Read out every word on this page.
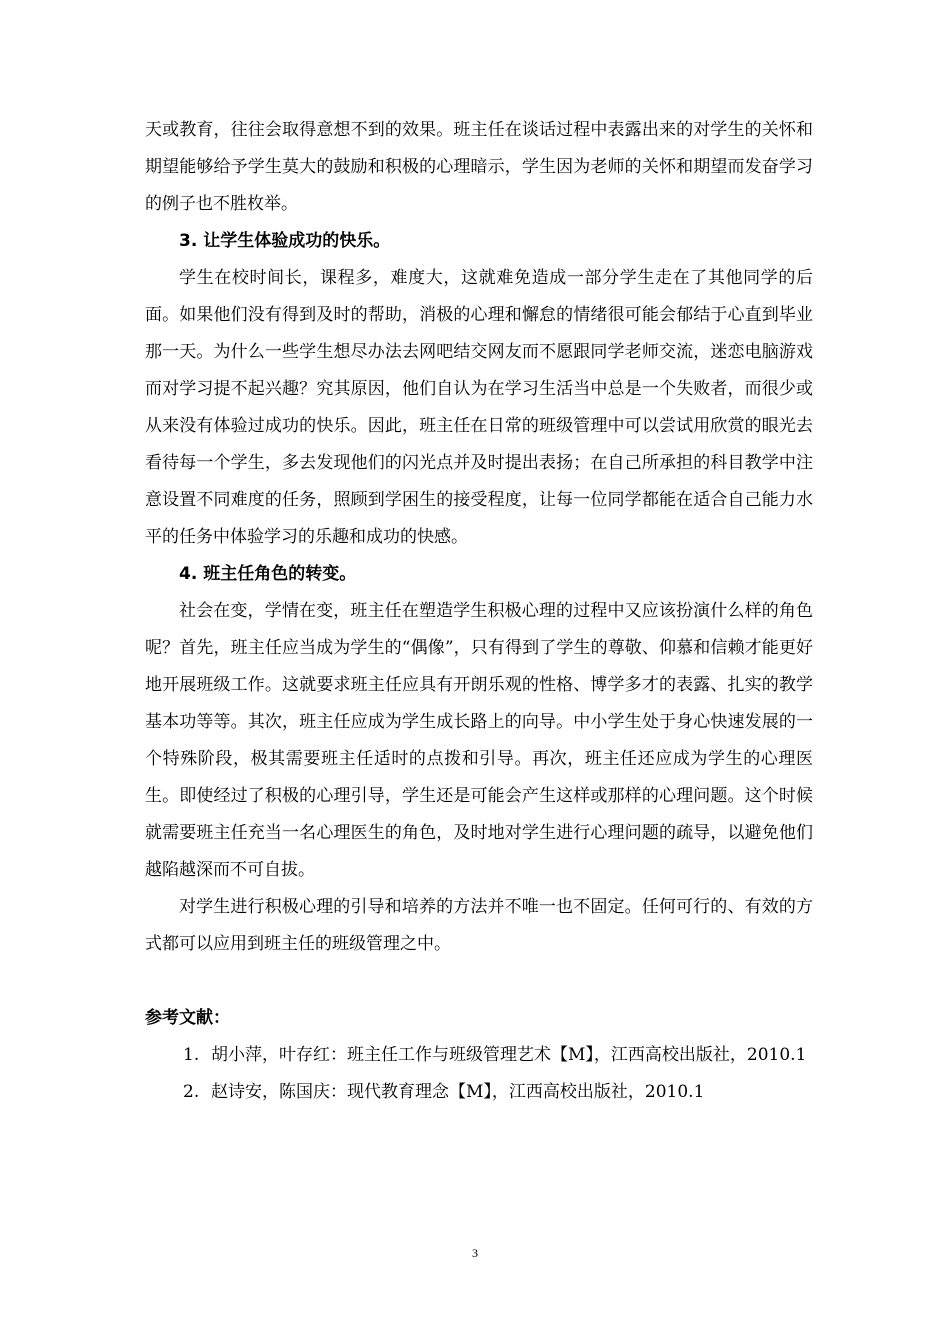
天或教育，往往会取得意想不到的效果。班主任在谈话过程中表露出来的对学生的关怀和期望能够给予学生莫大的鼓励和积极的心理暗示，学生因为老师的关怀和期望而发奋学习的例子也不胜枚举。

3. 让学生体验成功的快乐。

学生在校时间长，课程多，难度大，这就难免造成一部分学生走在了其他同学的后面。如果他们没有得到及时的帮助，消极的心理和懈怠的情绪很可能会郁结于心直到毕业那一天。为什么一些学生想尽办法去网吧结交网友而不愿跟同学老师交流，迷恋电脑游戏而对学习提不起兴趣？究其原因，他们自认为在学习生活当中总是一个失败者，而很少或从来没有体验过成功的快乐。因此，班主任在日常的班级管理中可以尝试用欣赏的眼光去看待每一个学生，多去发现他们的闪光点并及时提出表扬；在自己所承担的科目教学中注意设置不同难度的任务，照顾到学困生的接受程度，让每一位同学都能在适合自己能力水平的任务中体验学习的乐趣和成功的快感。

4. 班主任角色的转变。

社会在变，学情在变，班主任在塑造学生积极心理的过程中又应该扮演什么样的角色呢？首先，班主任应当成为学生的“偶像”，只有得到了学生的尊敬、仰慕和信赖才能更好地开展班级工作。这就要求班主任应具有开朗乐观的性格、博学多才的表露、扎实的教学基本功等等。其次，班主任应成为学生成长路上的向导。中小学生处于身心快速发展的一个特殊阶段，极其需要班主任适时的点拨和引导。再次，班主任还应成为学生的心理医生。即使经过了积极的心理引导，学生还是可能会产生这样或那样的心理问题。这个时候就需要班主任充当一名心理医生的角色，及时地对学生进行心理问题的疏导，以避免他们越陷越深而不可自拔。

对学生进行积极心理的引导和培养的方法并不唯一也不固定。任何可行的、有效的方式都可以应用到班主任的班级管理之中。

参考文献：

1. 胡小萍，叶存红：班主任工作与班级管理艺术【M】，江西高校出版社，2010.1
2. 赵诗安，陈国庆：现代教育理念【M】，江西高校出版社，2010.1
3
